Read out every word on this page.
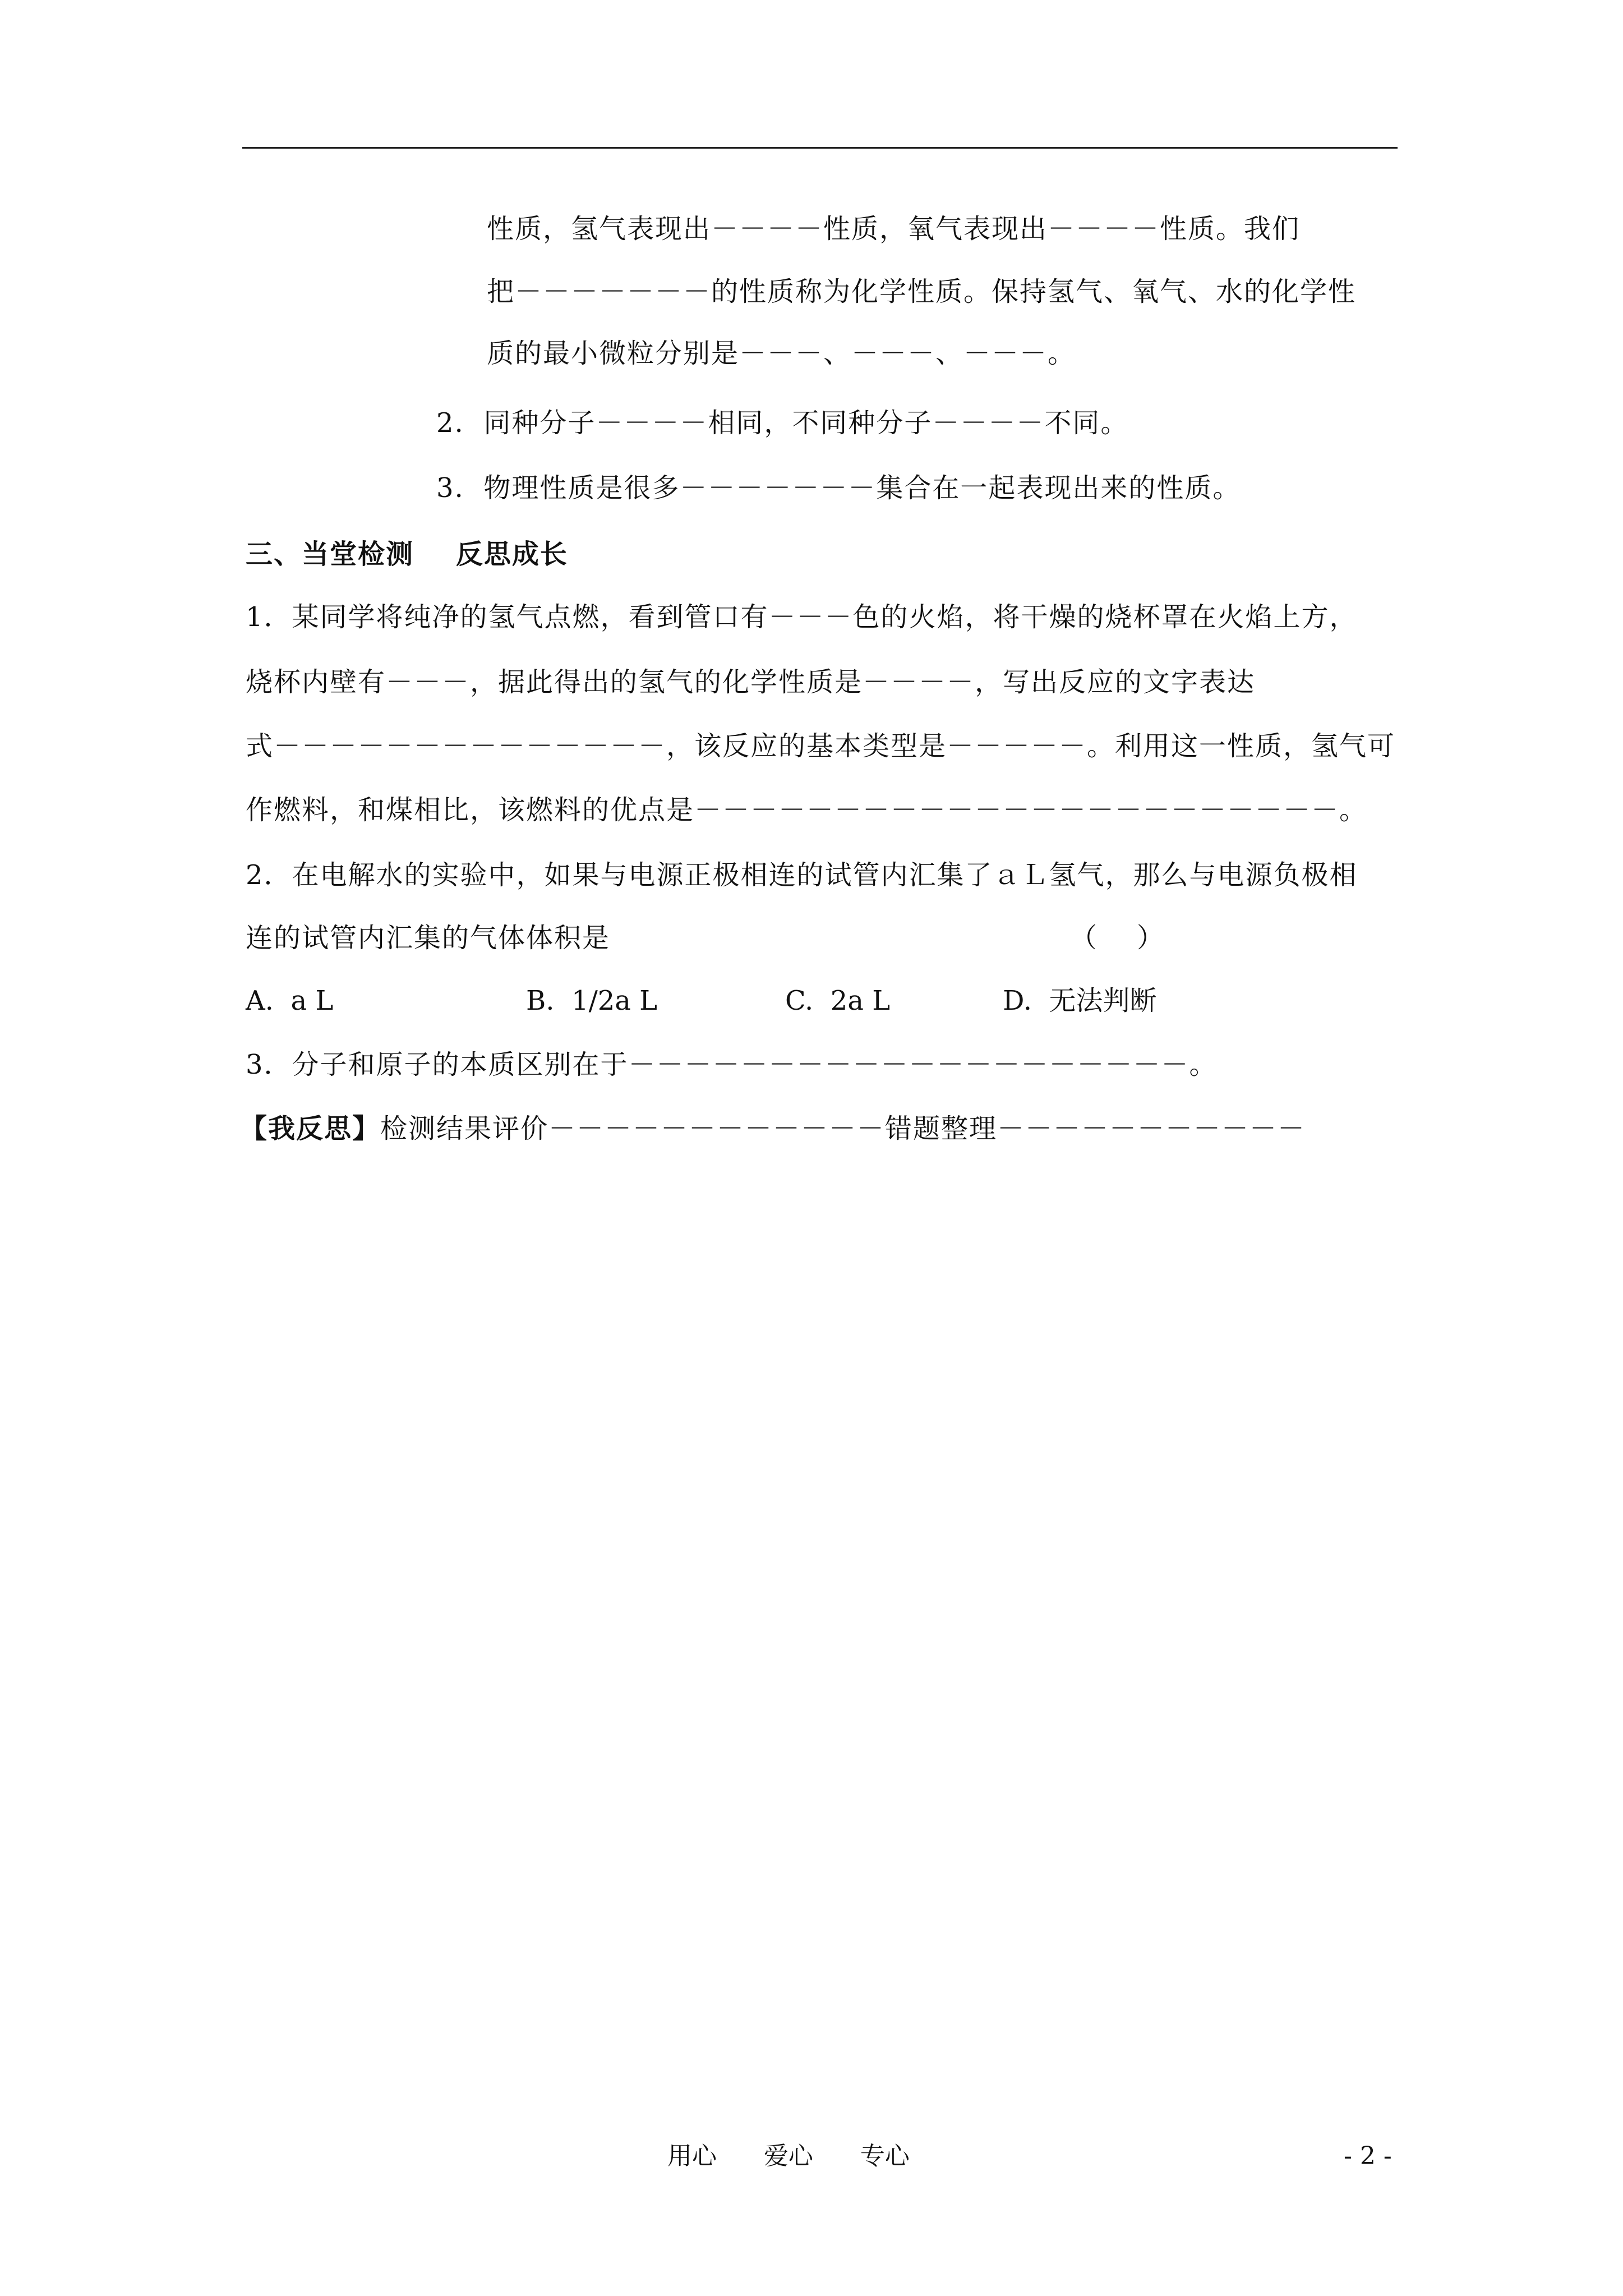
性质，氢气表现出－－－－性质，氧气表现出－－－－性质。我们
把－－－－－－－的性质称为化学性质。保持氢气、氧气、水的化学性
质的最小微粒分别是－－－、－－－、－－－。
2.  同种分子－－－－相同，不同种分子－－－－不同。
3.  物理性质是很多－－－－－－－集合在一起表现出来的性质。
三、当堂检测    反思成长
1．某同学将纯净的氢气点燃，看到管口有－－－色的火焰，将干燥的烧杯罩在火焰上方，
烧杯内壁有－－－，据此得出的氢气的化学性质是－－－－，写出反应的文字表达
式－－－－－－－－－－－－－－，该反应的基本类型是－－－－－。利用这一性质，氢气可
作燃料，和煤相比，该燃料的优点是－－－－－－－－－－－－－－－－－－－－－－－。
2．在电解水的实验中，如果与电源正极相连的试管内汇集了ａＬ氢气，那么与电源负极相
连的试管内汇集的气体体积是	（    ）
A.  a L	B.  1/2a L	C.  2a L	D.  无法判断
3．分子和原子的本质区别在于－－－－－－－－－－－－－－－－－－－－。
【我反思】检测结果评价－－－－－－－－－－－－错题整理－－－－－－－－－－－
用心      爱心      专心	- 2 -
